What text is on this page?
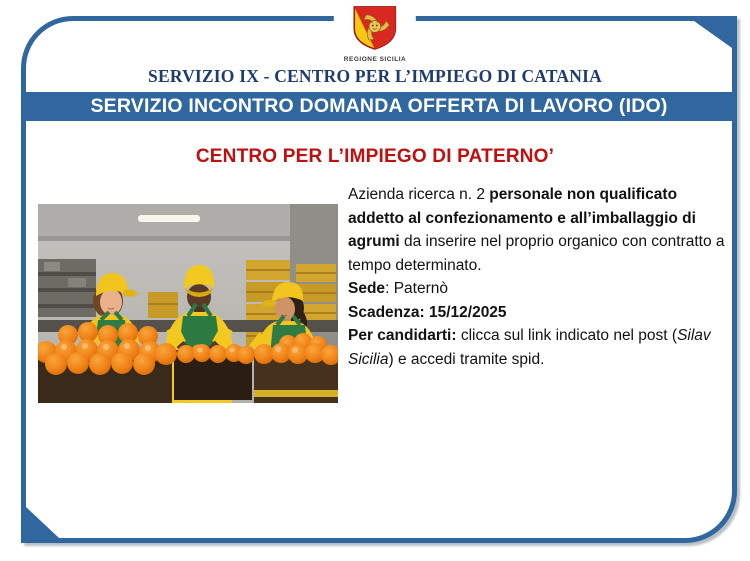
REGIONE SICILIA
SERVIZIO IX - CENTRO PER L’IMPIEGO DI CATANIA
SERVIZIO INCONTRO DOMANDA OFFERTA DI LAVORO (IDO)
CENTRO PER L’IMPIEGO DI PATERNO’

Azienda ricerca n. 2 personale non qualificato addetto al confezionamento e all’imballaggio di agrumi da inserire nel proprio organico con contratto a tempo determinato.

Sede: Paternò

Scadenza: 15/12/2025

Per candidarti: clicca sul link indicato nel post (Silav Sicilia) e accedi tramite spid.
